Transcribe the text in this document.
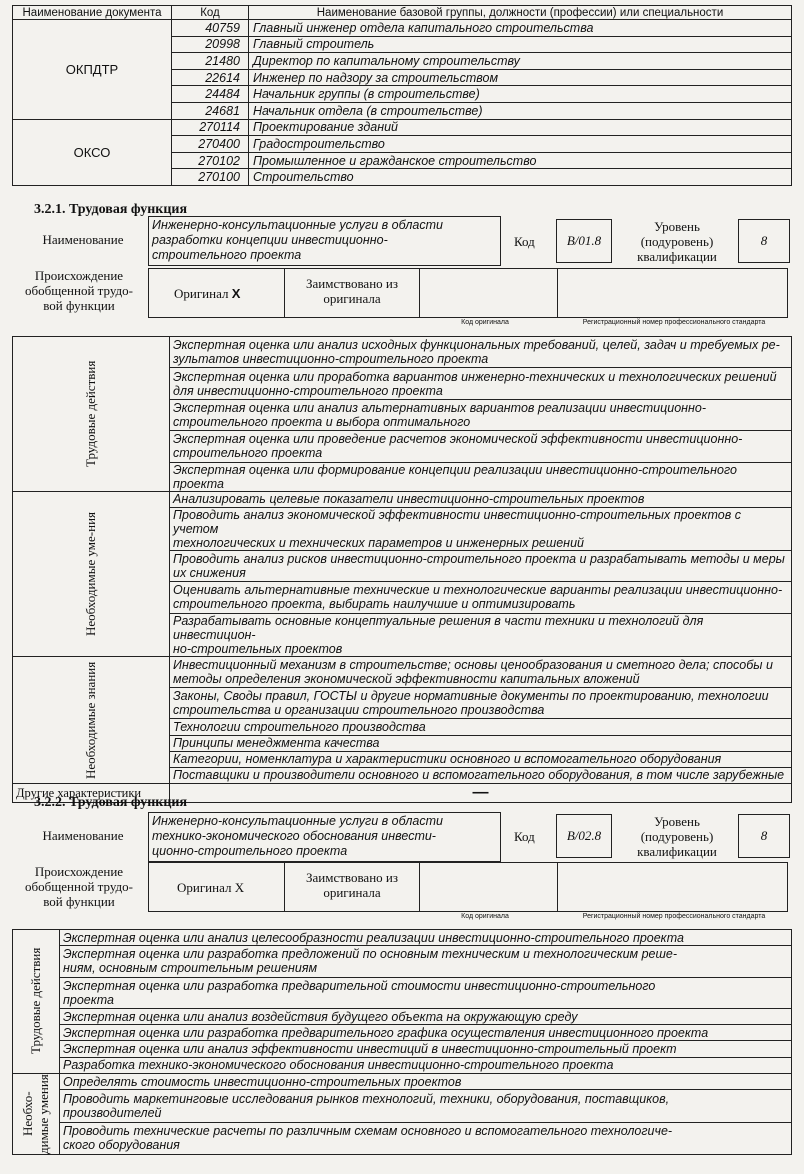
Наименование документа	Код	Наименование базовой группы, должности (профессии) или специальности
ОКПДТР	40759	Главный инженер отдела капитального строительства
	20998	Главный строитель
	21480	Директор по капитальному строительству
	22614	Инженер по надзору за строительством
	24484	Начальник группы (в строительстве)
	24681	Начальник отдела (в строительстве)
ОКСО	270114	Проектирование зданий
	270400	Градостроительство
	270102	Промышленное и гражданское строительство
	270100	Строительство
3.2.1. Трудовая функция
Наименование
Инженерно-консультационные услуги в области
разработки концепции инвестиционно-
строительного проекта
Код	B/01.8
Уровень
(подуровень)
квалификации
8
Происхождение
обобщенной трудо-
вой функции
Оригинал X
Заимствовано из
оригинала
Код оригинала	Регистрационный номер профессионального стандарта
Трудовые действия	Экспертная оценка или анализ исходных функциональных требований, целей, задач и требуемых ре-
зультатов инвестиционно-строительного проекта

	Экспертная оценка или проработка вариантов инженерно-технических и технологических решений
для инвестиционно-строительного проекта

	Экспертная оценка или анализ альтернативных вариантов реализации инвестиционно-
строительного проекта и выбора оптимального

	Экспертная оценка или проведение расчетов экономической эффективности инвестиционно-
строительного проекта

	Экспертная оценка или формирование концепции реализации инвестиционно-строительного проекта

Необходимые уме-ния	Анализировать целевые показатели инвестиционно-строительных проектов

	Проводить анализ экономической эффективности инвестиционно-строительных проектов с учетом
технологических и технических параметров и инженерных решений

	Проводить анализ рисков инвестиционно-строительного проекта и разрабатывать методы и меры
их снижения

	Оценивать альтернативные технические и технологические варианты реализации инвестиционно-
строительного проекта, выбирать наилучшие и оптимизировать

	Разрабатывать основные концептуальные решения в части техники и технологий для инвестицион-
но-строительных проектов

Необходимые знания	Инвестиционный механизм в строительстве; основы ценообразования и сметного дела; способы и
методы определения экономической эффективности капитальных вложений

	Законы, Своды правил, ГОСТЫ и другие нормативные документы по проектированию, технологии
строительства и организации строительного производства

	Технологии строительного производства

	Принципы менеджмента качества

	Категории, номенклатура и характеристики основного и вспомогательного оборудования

	Поставщики и производители основного и вспомогательного оборудования, в том числе зарубежные

Другие характеристики	—
3.2.2. Трудовая функция
Наименование
Инженерно-консультационные услуги в области
технико-экономического обоснования инвести-
ционно-строительного проекта
Код	B/02.8
Уровень
(подуровень)
квалификации
8
Происхождение
обобщенной трудо-
вой функции
Оригинал X
Заимствовано из
оригинала
Код оригинала	Регистрационный номер профессионального стандарта
Трудовые действия	Экспертная оценка или анализ целесообразности реализации инвестиционно-строительного проекта

	Экспертная оценка или разработка предложений по основным техническим и технологическим реше-
ниям, основным строительным решениям

	Экспертная оценка или разработка предварительной стоимости инвестиционно-строительного
проекта

	Экспертная оценка или анализ воздействия будущего объекта на окружающую среду

	Экспертная оценка или разработка предварительного графика осуществления инвестиционного проекта

	Экспертная оценка или анализ эффективности инвестиций в инвестиционно-строительный проект

	Разработка технико-экономического обоснования инвестиционно-строительного проекта

Необхо-димые умения	Определять стоимость инвестиционно-строительных проектов

	Проводить маркетинговые исследования рынков технологий, техники, оборудования, поставщиков,
производителей

	Проводить технические расчеты по различным схемам основного и вспомогательного технологиче-
ского оборудования
